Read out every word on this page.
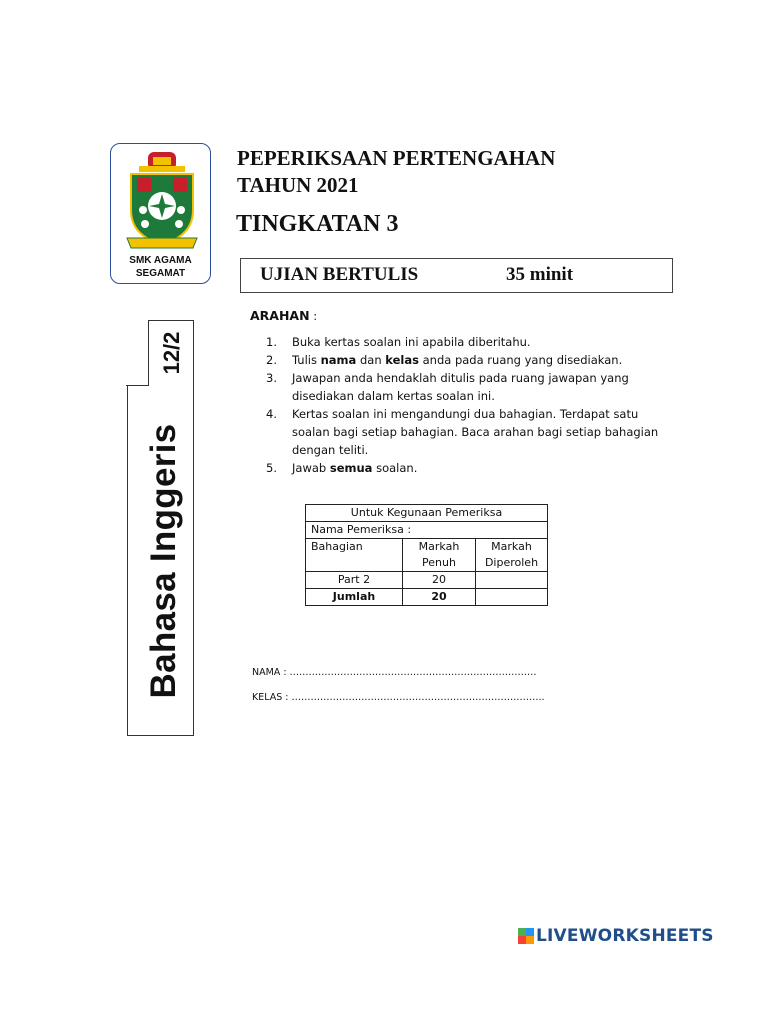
SMK AGAMA
SEGAMAT
PEPERIKSAAN PERTENGAHAN
TAHUN 2021
TINGKATAN 3
UJIAN BERTULIS	35 minit
12/2
Bahasa Inggeris
ARAHAN :
1. Buka kertas soalan ini apabila diberitahu.
2. Tulis nama dan kelas anda pada ruang yang disediakan.
3. Jawapan anda hendaklah ditulis pada ruang jawapan yang disediakan dalam kertas soalan ini.
4. Kertas soalan ini mengandungi dua bahagian. Terdapat satu soalan bagi setiap bahagian. Baca arahan bagi setiap bahagian dengan teliti.
5. Jawab semua soalan.
Untuk Kegunaan Pemeriksa		
Nama Pemeriksa :		
Bahagian	Markah Penuh	Markah Diperoleh
Part 2	20	
Jumlah	20	
NAMA : ……………………………………………………………………
KELAS : ……………………………………………………………………..
LIVEWORKSHEETS
